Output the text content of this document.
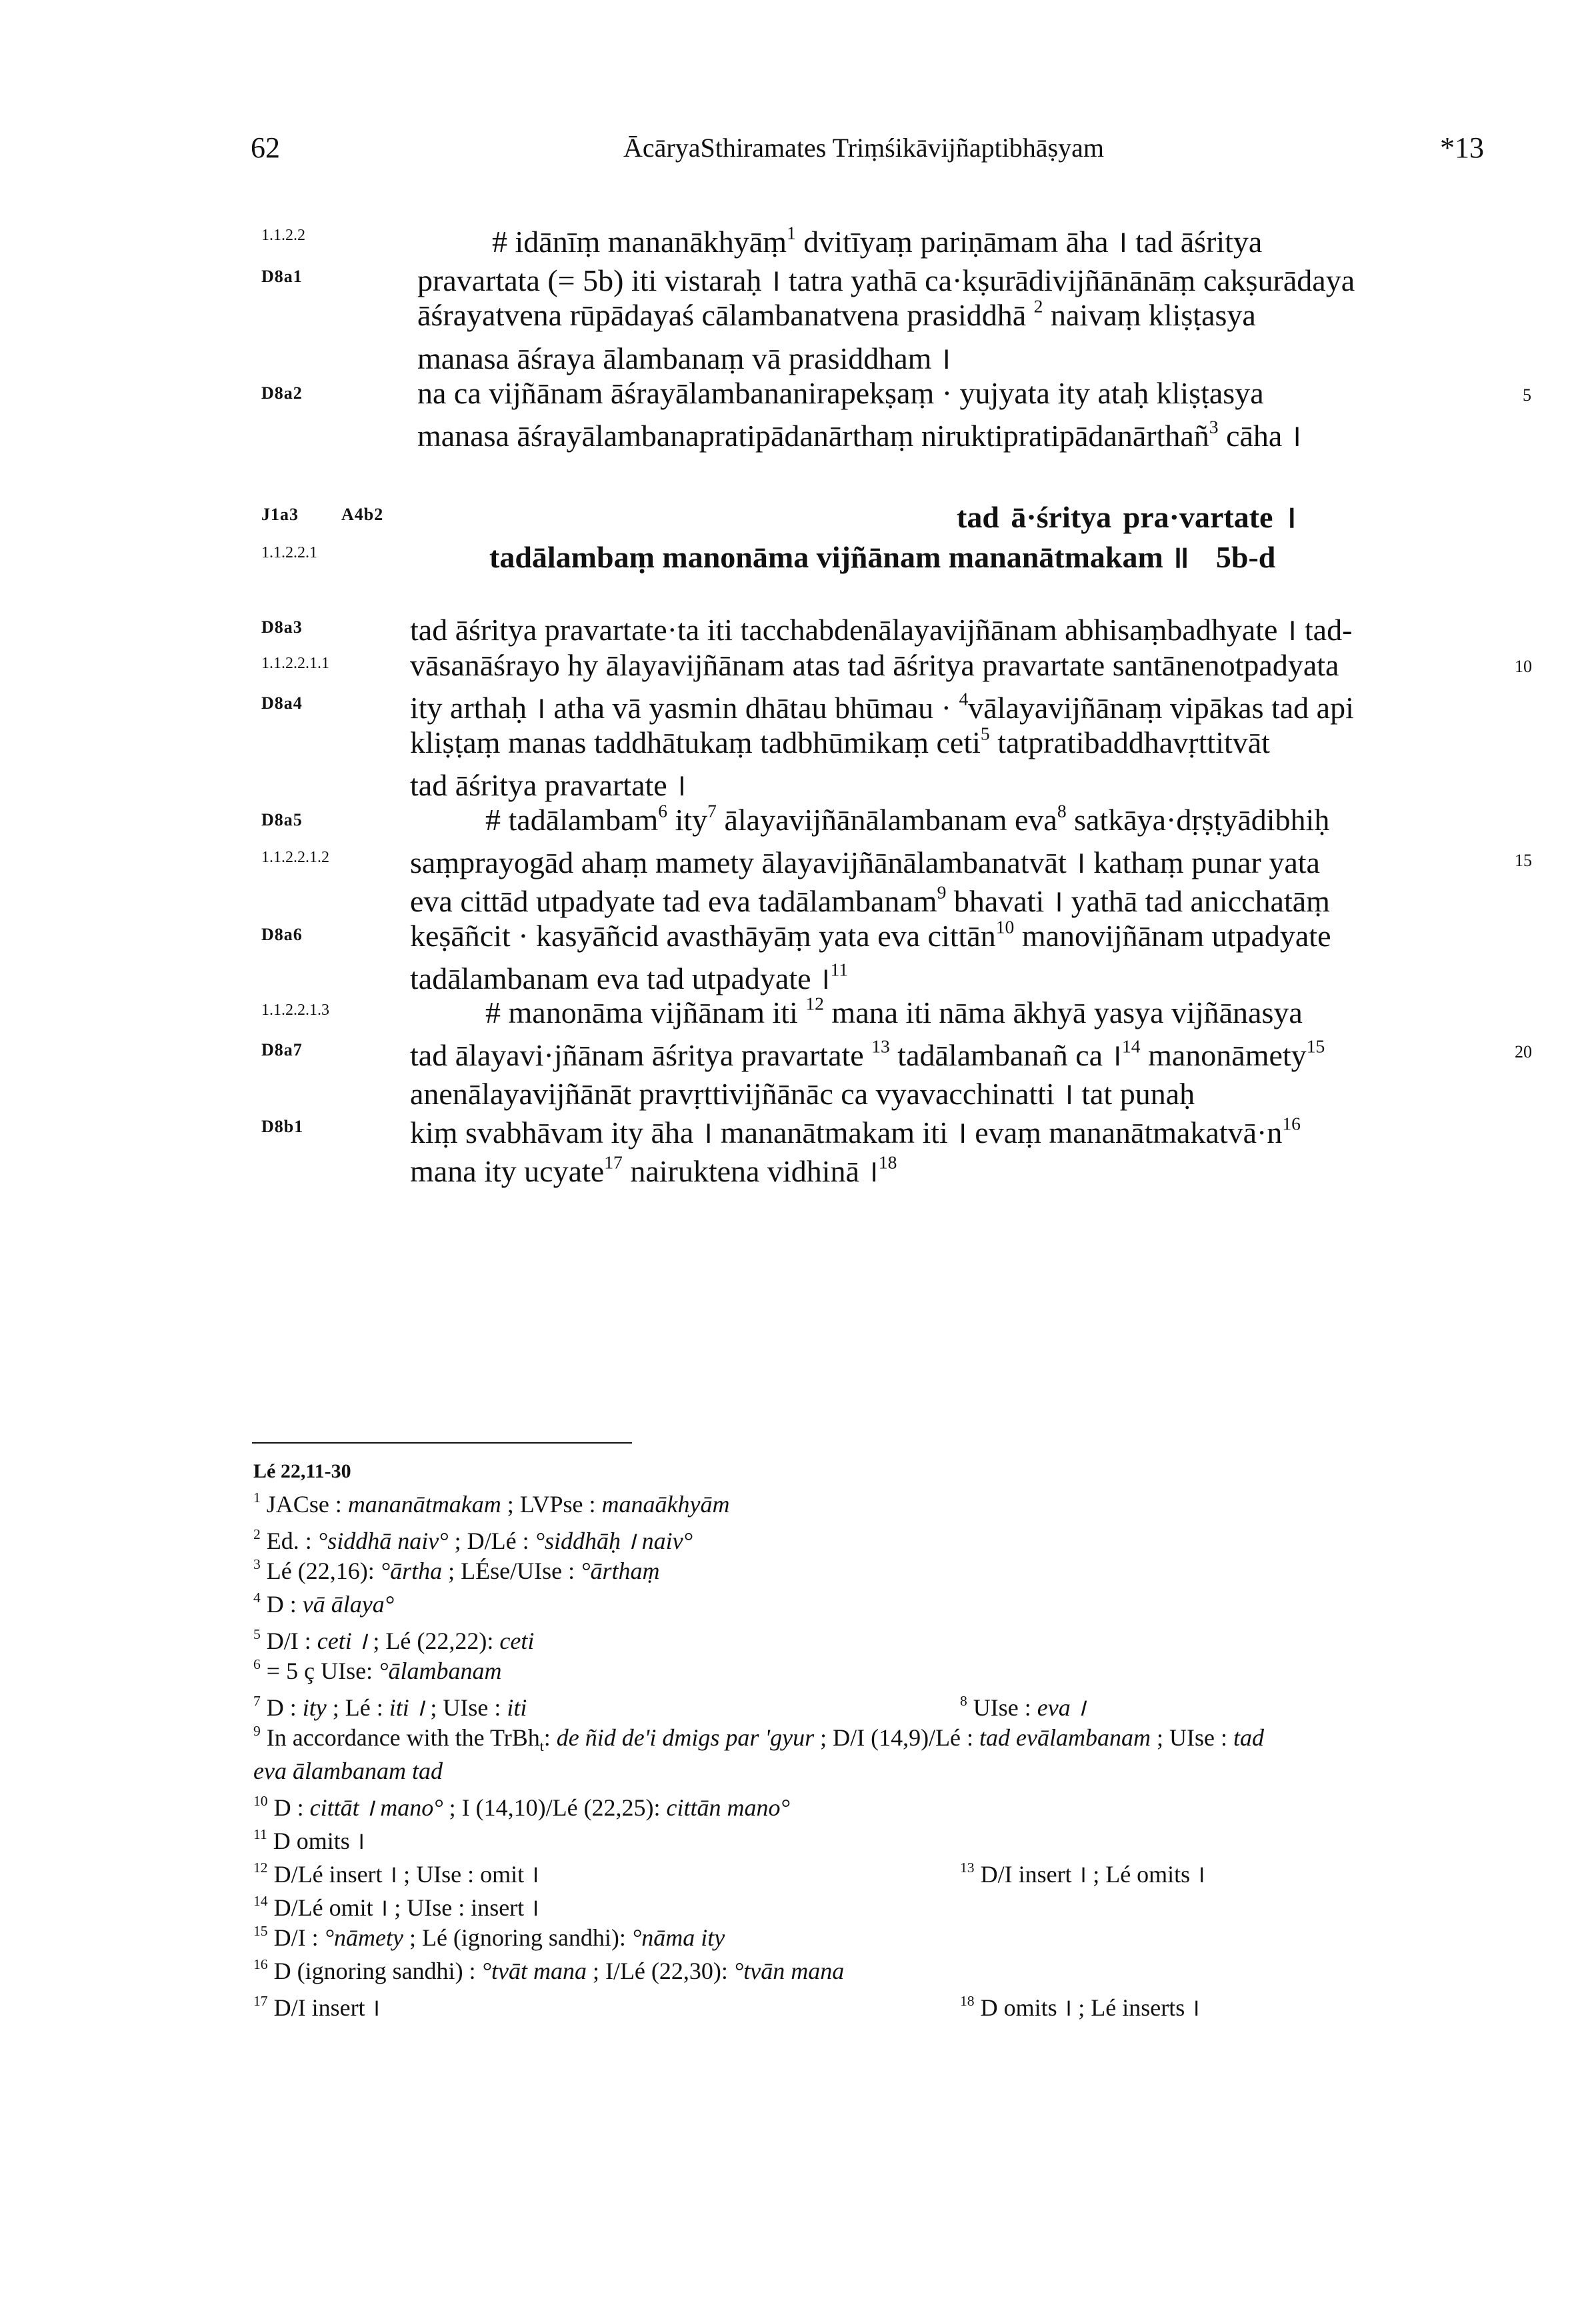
62	ĀcāryaSthiramates Triṃśikāvijñaptibhāṣyam	*13
1.1.2.2
D8a1
D8a2
J1a3 A4b2
1.1.2.2.1
D8a3
1.1.2.2.1.1
D8a4
D8a5
1.1.2.2.1.2
D8a6
1.1.2.2.1.3
D8a7
D8b1
5
10
15
20
# idānīṃ mananākhyāṃ$^1$ dvitīyaṃ pariṇāmam āha । tad āśritya
pravartata (= 5b) iti vistaraḥ । tatra yathā ca·kṣurādivijñānānāṃ cakṣurādaya
āśrayatvena rūpādayaś cālambanatvena prasiddhā $^2$ naivaṃ kliṣṭasya
manasa āśraya ālambanaṃ vā prasiddham ।
na ca vijñānam āśrayālambananirapekṣaṃ · yujyata ity ataḥ kliṣṭasya
manasa āśrayālambanapratipādanārthaṃ niruktipratipādanārthañ$^3$ cāha ।
tad ā·śritya pra·vartate ।
tadālambaṃ manonāma vijñānam mananātmakam ॥ 5b-d
tad āśritya pravartate·ta iti tacchabdenālayavijñānam abhisaṃbadhyate । tad-
vāsanāśrayo hy ālayavijñānam atas tad āśritya pravartate santānenotpadyata
ity arthaḥ । atha vā yasmin dhātau bhūmau · $^4$vālayavijñānaṃ vipākas tad api
kliṣṭaṃ manas taddhātukaṃ tadbhūmikaṃ ceti$^5$ tatpratibaddhavṛttitvāt
tad āśritya pravartate ।
# tadālambam$^6$ ity$^7$ ālayavijñānālambanam eva$^8$ satkāya·dṛṣṭyādibhiḥ
saṃprayogād ahaṃ mamety ālayavijñānālambanatvāt । kathaṃ punar yata
eva cittād utpadyate tad eva tadālambanam$^9$ bhavati । yathā tad anicchatāṃ
keṣāñcit · kasyāñcid avasthāyāṃ yata eva cittān$^{10}$ manovijñānam utpadyate
tadālambanam eva tad utpadyate ।$^{11}$
# manonāma vijñānam iti $^{12}$ mana iti nāma ākhyā yasya vijñānasya
tad ālayavi·jñānam āśritya pravartate $^{13}$ tadālambanañ ca ।$^{14}$ manonāmety$^{15}$
anenālayavijñānāt pravṛttivijñānāc ca vyavacchinatti । tat punaḥ
kiṃ svabhāvam ity āha । mananātmakam iti । evaṃ $mananātmakatvā\cdot n^{16}$
mana ity ucyate$^{17}$ nairuktena vidhinā ।$^{18}$
Lé 22,11-30
$^1$ JACse : mananātmakam ; LVPse : manaākhyām
$^2$ Ed. : °siddhā naiv° ; D/Lé : °siddhāḥ । naiv°
$^3$ Lé (22,16): °ārtha ; LÉse/UIse : °ārthaṃ
$^4$ D : vā ālaya°
$^5$ D/I : ceti । ; Lé (22,22): ceti
$^6$ = 5 ç UIse: °ālambanam
$^7$ D : ity ; Lé : iti । ; UIse : iti	$^8$ UIse : eva ।
$^9$ In accordance with the TrBh$_t$: de ñid de'i dmigs par 'gyur ; D/I (14,9)/Lé : tad evālambanam ; UIse : tad
eva ālambanam tad
$^{10}$ D : cittāt । mano° ; I (14,10)/Lé (22,25): cittān mano°
$^{11}$ D omits ।
$^{12}$ D/Lé insert । ; UIse : omit ।	$^{13}$ D/I insert । ; Lé omits ।
$^{14}$ D/Lé omit । ; UIse : insert ।
$^{15}$ D/I : °nāmety ; Lé (ignoring sandhi): °nāma ity
$^{16}$ D (ignoring sandhi) : °tvāt mana ; I/Lé (22,30): °tvān mana
$^{17}$ D/I insert ।	$^{18}$ D omits । ; Lé inserts ।
